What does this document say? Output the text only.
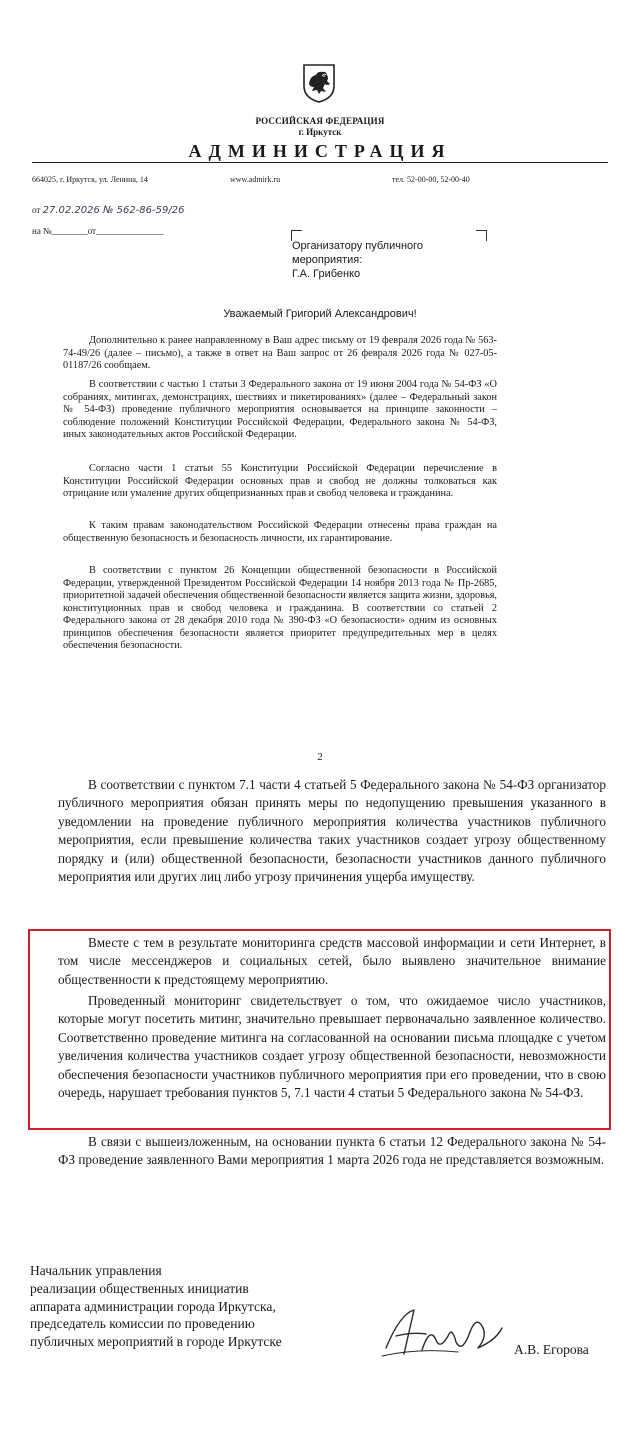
РОССИЙСКАЯ ФЕДЕРАЦИЯ
г. Иркутск
АДМИНИСТРАЦИЯ
664025, г. Иркутск, ул. Ленина, 14	www.admirk.ru	тел. 52-00-00, 52-00-40
от 27.02.2026 № 562-86-59/26
на №________от_______________
Организатору публичного
мероприятия:
Г.А. Грибенко
Уважаемый Григорий Александрович!

Дополнительно к ранее направленному в Ваш адрес письму от 19 февраля 2026 года № 563-74-49/26 (далее – письмо), а также в ответ на Ваш запрос от 26 февраля 2026 года № 027-05-01187/26 сообщаем.

В соответствии с частью 1 статьи 3 Федерального закона от 19 июня 2004 года № 54-ФЗ «О собраниях, митингах, демонстрациях, шествиях и пикетированиях» (далее – Федеральный закон № 54-ФЗ) проведение публичного мероприятия основывается на принципе законности – соблюдение положений Конституции Российской Федерации, Федерального закона № 54-ФЗ, иных законодательных актов Российской Федерации.

Согласно части 1 статьи 55 Конституции Российской Федерации перечисление в Конституции Российской Федерации основных прав и свобод не должны толковаться как отрицание или умаление других общепризнанных прав и свобод человека и гражданина.

К таким правам законодательством Российской Федерации отнесены права граждан на общественную безопасность и безопасность личности, их гарантирование.

В соответствии с пунктом 26 Концепции общественной безопасности в Российской Федерации, утвержденной Президентом Российской Федерации 14 ноября 2013 года № Пр-2685, приоритетной задачей обеспечения общественной безопасности является защита жизни, здоровья, конституционных прав и свобод человека и гражданина. В соответствии со статьей 2 Федерального закона от 28 декабря 2010 года № 390-ФЗ «О безопасности» одним из основных принципов обеспечения безопасности является приоритет предупредительных мер в целях обеспечения безопасности.

2

В соответствии с пунктом 7.1 части 4 статьей 5 Федерального закона № 54-ФЗ организатор публичного мероприятия обязан принять меры по недопущению превышения указанного в уведомлении на проведение публичного мероприятия количества участников публичного мероприятия, если превышение количества таких участников создает угрозу общественному порядку и (или) общественной безопасности, безопасности участников данного публичного мероприятия или других лиц либо угрозу причинения ущерба имуществу.

Вместе с тем в результате мониторинга средств массовой информации и сети Интернет, в том числе мессенджеров и социальных сетей, было выявлено значительное внимание общественности к предстоящему мероприятию.

Проведенный мониторинг свидетельствует о том, что ожидаемое число участников, которые могут посетить митинг, значительно превышает первоначально заявленное количество. Соответственно проведение митинга на согласованной на основании письма площадке с учетом увеличения количества участников создает угрозу общественной безопасности, невозможности обеспечения безопасности участников публичного мероприятия при его проведении, что в свою очередь, нарушает требования пунктов 5, 7.1 части 4 статьи 5 Федерального закона № 54-ФЗ.

В связи с вышеизложенным, на основании пункта 6 статьи 12 Федерального закона № 54-ФЗ проведение заявленного Вами мероприятия 1 марта 2026 года не представляется возможным.

Начальник управления
реализации общественных инициатив
аппарата администрации города Иркутска,
председатель комиссии по проведению
публичных мероприятий в городе Иркутске
А.В. Егорова
